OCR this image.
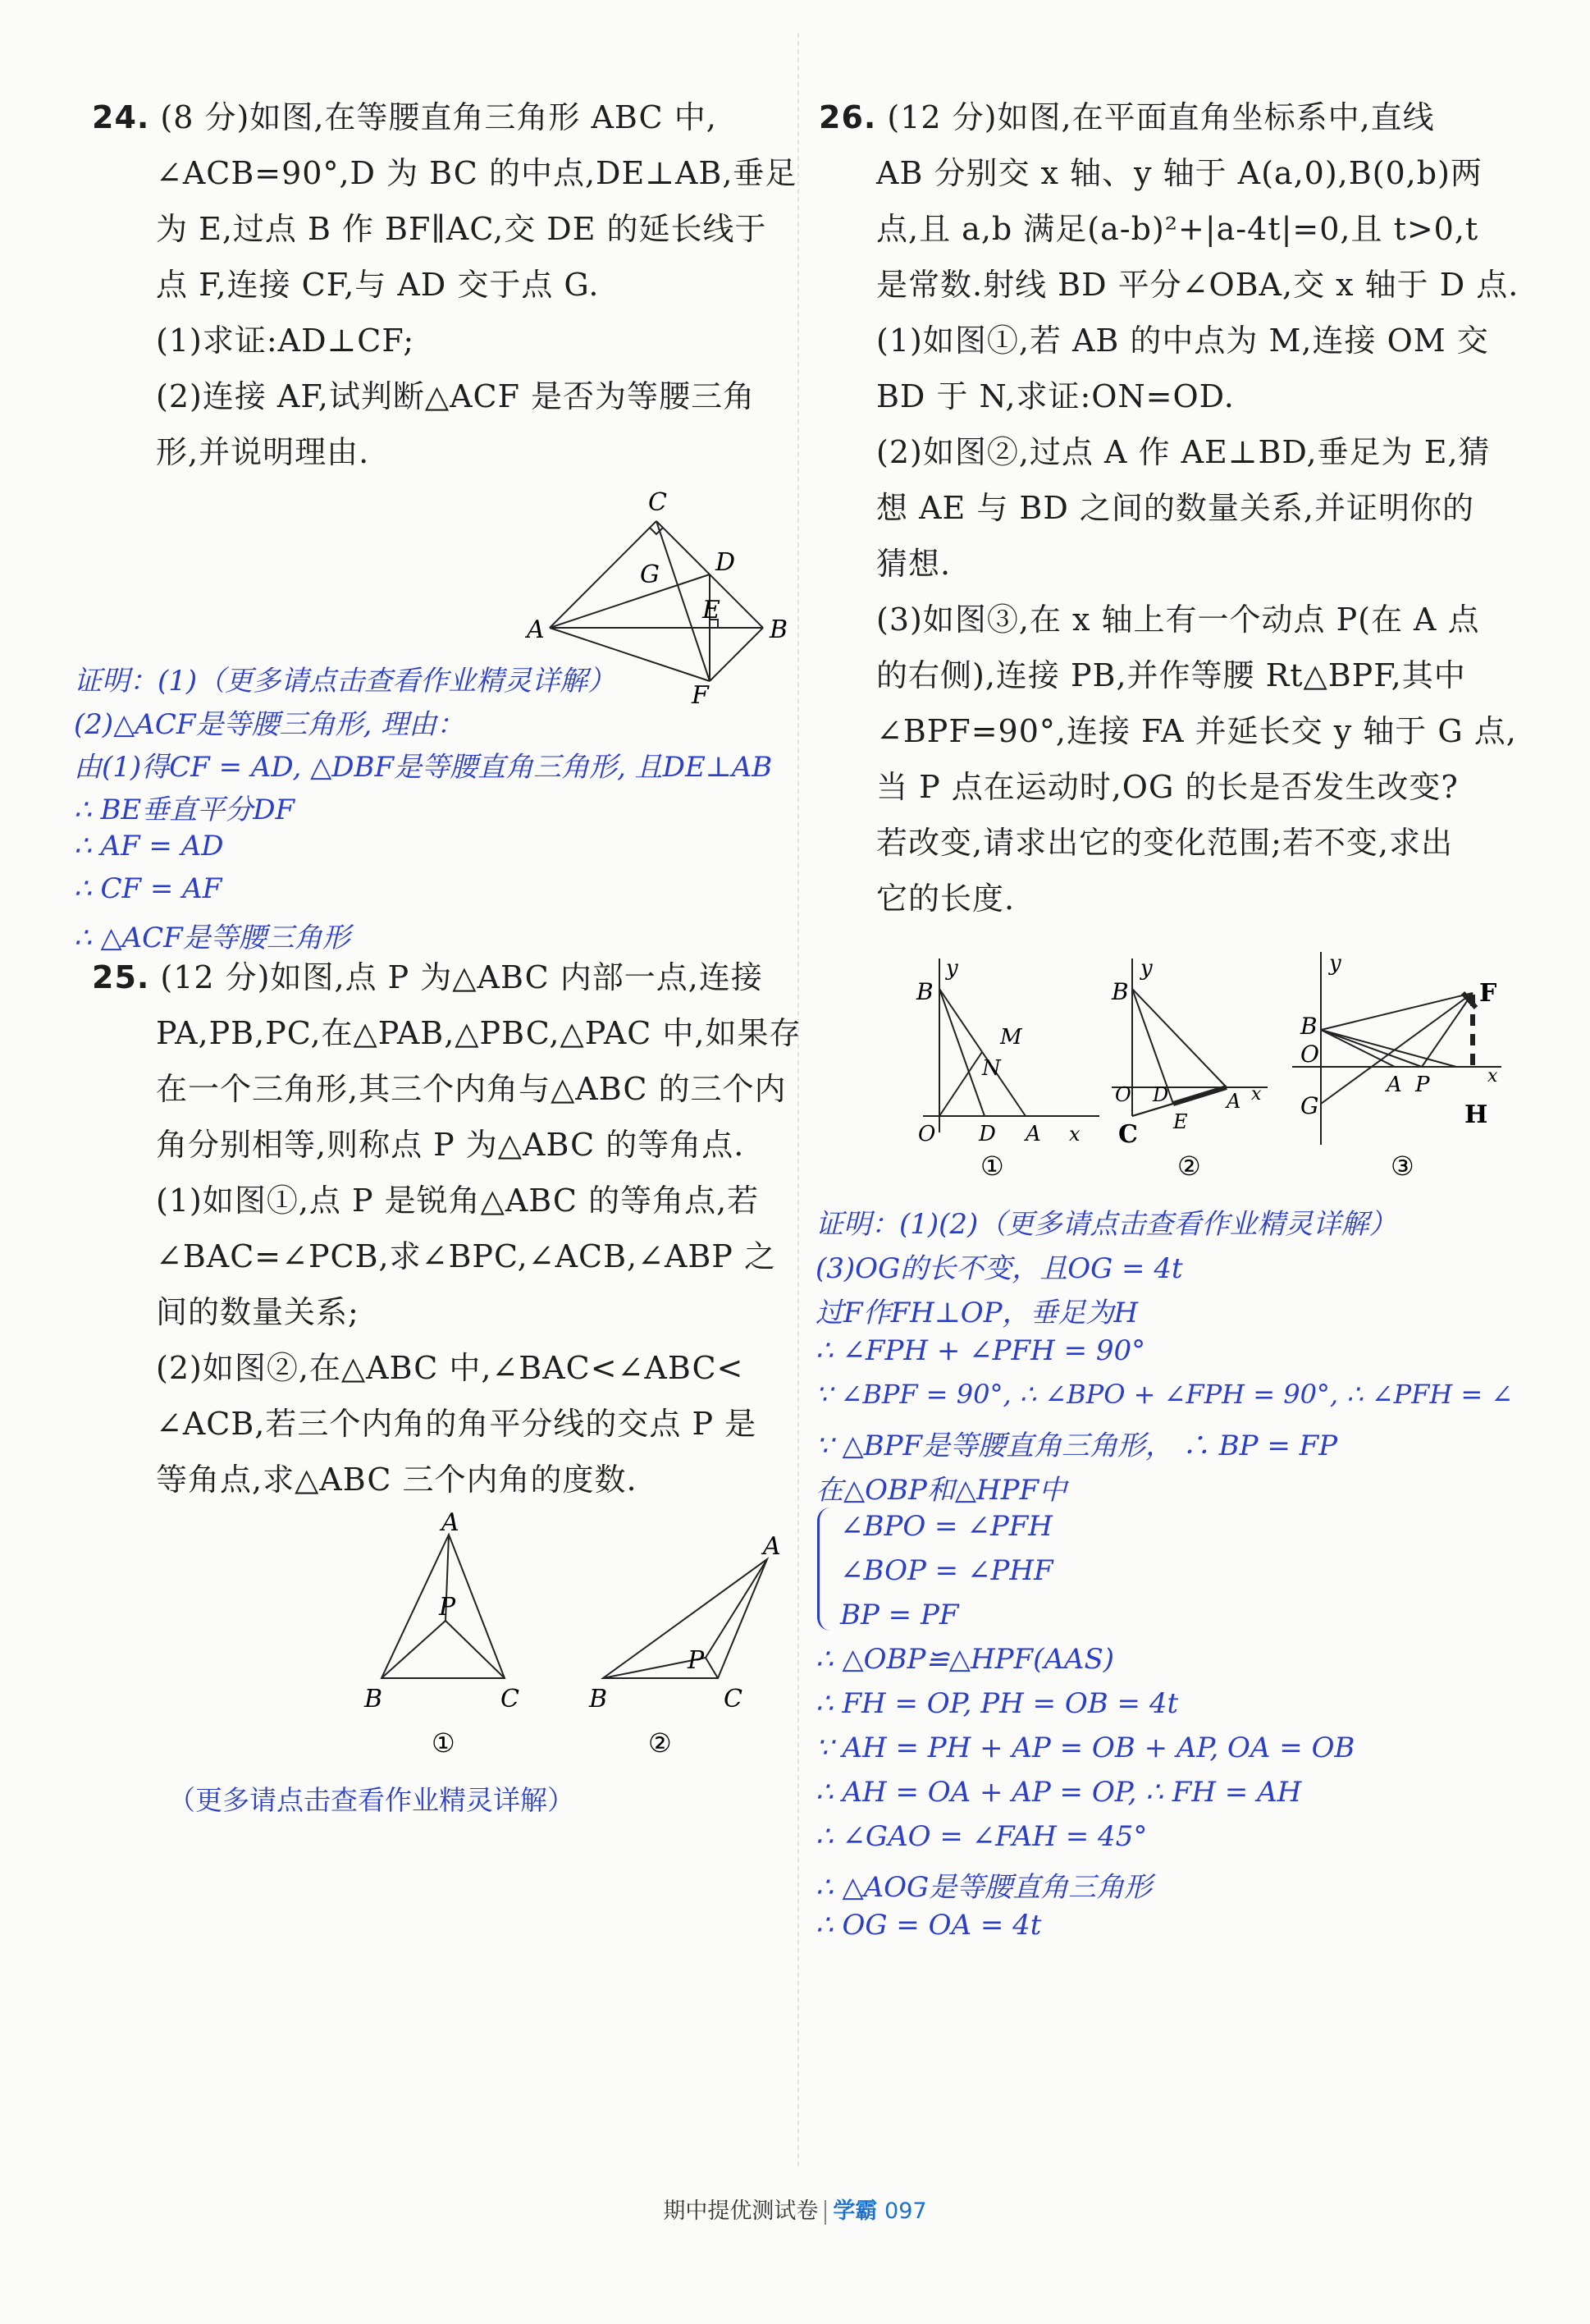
24. (8 分)如图,在等腰直角三角形 ABC 中,
∠ACB=90°,D 为 BC 的中点,DE⊥AB,垂足
为 E,过点 B 作 BF∥AC,交 DE 的延长线于
点 F,连接 CF,与 AD 交于点 G.
(1)求证:AD⊥CF;
(2)连接 AF,试判断△ACF 是否为等腰三角
形,并说明理由.
C
A	B
D
G
E
F
证明：(1)（更多请点击查看作业精灵详解）
(2)△ACF是等腰三角形, 理由：
由(1)得CF = AD, △DBF是等腰直角三角形, 且DE⊥AB
∴ BE垂直平分DF
∴ AF = AD
∴ CF = AF
∴ △ACF是等腰三角形
25. (12 分)如图,点 P 为△ABC 内部一点,连接
PA,PB,PC,在△PAB,△PBC,△PAC 中,如果存
在一个三角形,其三个内角与△ABC 的三个内
角分别相等,则称点 P 为△ABC 的等角点.
(1)如图①,点 P 是锐角△ABC 的等角点,若
∠BAC=∠PCB,求∠BPC,∠ACB,∠ABP 之
间的数量关系;
(2)如图②,在△ABC 中,∠BAC<∠ABC<
∠ACB,若三个内角的角平分线的交点 P 是
等角点,求△ABC 三个内角的度数.
A
P
B	C
A
P
B	C
①	②
（更多请点击查看作业精灵详解）
26. (12 分)如图,在平面直角坐标系中,直线
AB 分别交 x 轴、y 轴于 A(a,0),B(0,b)两
点,且 a,b 满足(a-b)²+|a-4t|=0,且 t>0,t
是常数.射线 BD 平分∠OBA,交 x 轴于 D 点.
(1)如图①,若 AB 的中点为 M,连接 OM 交
BD 于 N,求证:ON=OD.
(2)如图②,过点 A 作 AE⊥BD,垂足为 E,猜
想 AE 与 BD 之间的数量关系,并证明你的
猜想.
(3)如图③,在 x 轴上有一个动点 P(在 A 点
的右侧),连接 PB,并作等腰 Rt△BPF,其中
∠BPF=90°,连接 FA 并延长交 y 轴于 G 点,
当 P 点在运动时,OG 的长是否发生改变?
若改变,请求出它的变化范围;若不变,求出
它的长度.
B
y
M
N
O D A x
①
B
y
O D	A x
E
C
②
y
F
B
O
G
A P	x
H
③
证明：(1)(2)（更多请点击查看作业精灵详解）
(3)OG的长不变，且OG = 4t
过F作FH⊥OP，垂足为H
∴ ∠FPH + ∠PFH = 90°
∵ ∠BPF = 90°, ∴ ∠BPO + ∠FPH = 90°, ∴ ∠PFH = ∠
∵ △BPF是等腰直角三角形， ∴ BP = FP
在△OBP和△HPF中
∠BPO = ∠PFH
∠BOP = ∠PHF
BP = PF
∴ △OBP≌△HPF(AAS)
∴ FH = OP, PH = OB = 4t
∵ AH = PH + AP = OB + AP, OA = OB
∴ AH = OA + AP = OP, ∴ FH = AH
∴ ∠GAO = ∠FAH = 45°
∴ △AOG是等腰直角三角形
∴ OG = OA = 4t
期中提优测试卷 学霸 097
